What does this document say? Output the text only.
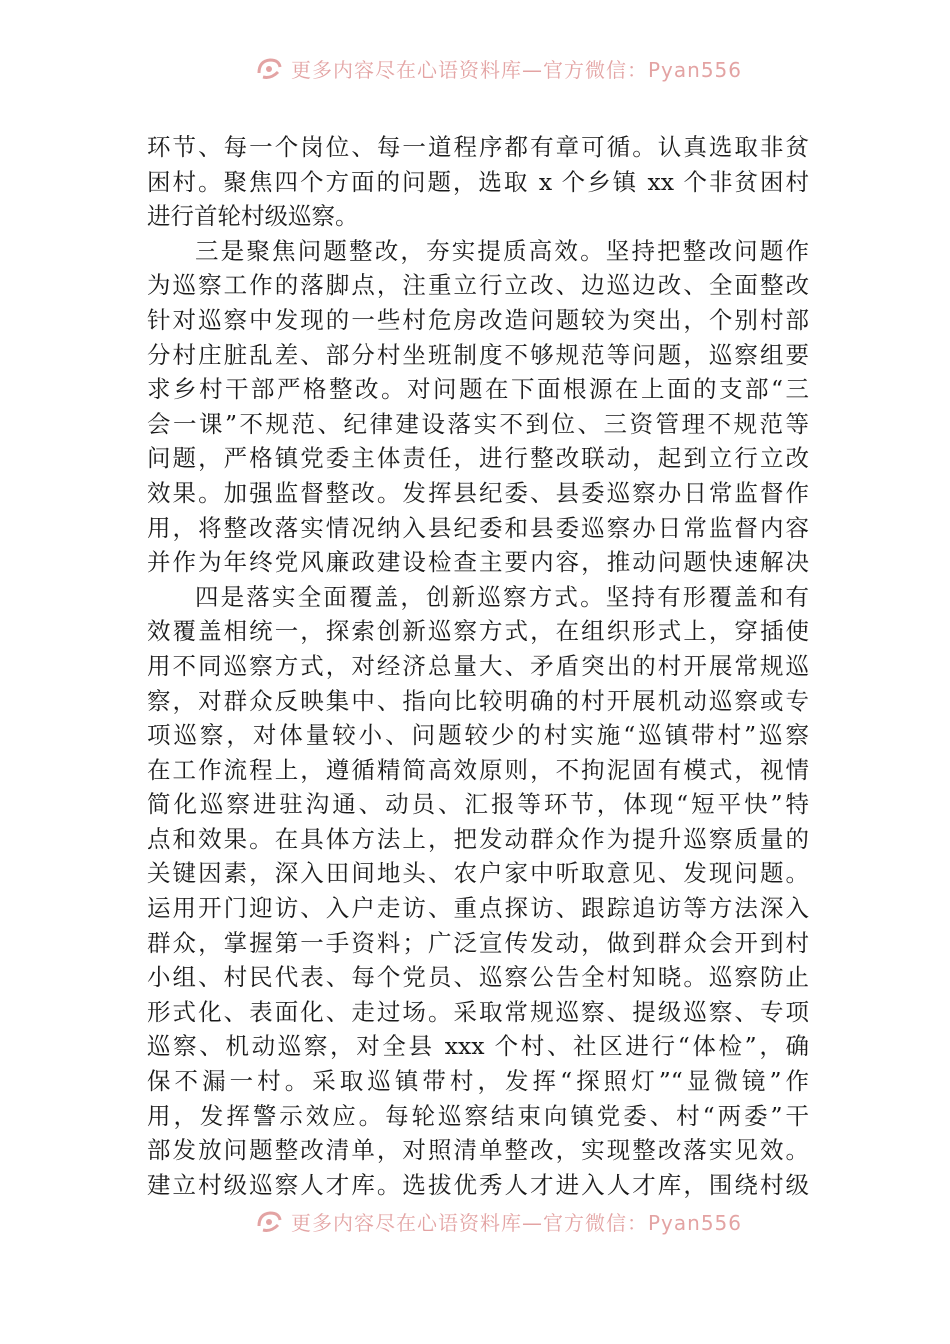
更多内容尽在心语资料库—官方微信：Pyan556
环节、每一个岗位、每一道程序都有章可循。认真选取非贫
困村。聚焦四个方面的问题，选取 x 个乡镇 xx 个非贫困村
进行首轮村级巡察。
三是聚焦问题整改，夯实提质高效。坚持把整改问题作
为巡察工作的落脚点，注重立行立改、边巡边改、全面整改
针对巡察中发现的一些村危房改造问题较为突出，个别村部
分村庄脏乱差、部分村坐班制度不够规范等问题，巡察组要
求乡村干部严格整改。对问题在下面根源在上面的支部“三
会一课”不规范、纪律建设落实不到位、三资管理不规范等
问题，严格镇党委主体责任，进行整改联动，起到立行立改
效果。加强监督整改。发挥县纪委、县委巡察办日常监督作
用，将整改落实情况纳入县纪委和县委巡察办日常监督内容
并作为年终党风廉政建设检查主要内容，推动问题快速解决
四是落实全面覆盖，创新巡察方式。坚持有形覆盖和有
效覆盖相统一，探索创新巡察方式，在组织形式上，穿插使
用不同巡察方式，对经济总量大、矛盾突出的村开展常规巡
察，对群众反映集中、指向比较明确的村开展机动巡察或专
项巡察，对体量较小、问题较少的村实施“巡镇带村”巡察
在工作流程上，遵循精简高效原则，不拘泥固有模式，视情
简化巡察进驻沟通、动员、汇报等环节，体现“短平快”特
点和效果。在具体方法上，把发动群众作为提升巡察质量的
关键因素，深入田间地头、农户家中听取意见、发现问题。
运用开门迎访、入户走访、重点探访、跟踪追访等方法深入
群众，掌握第一手资料；广泛宣传发动，做到群众会开到村
小组、村民代表、每个党员、巡察公告全村知晓。巡察防止
形式化、表面化、走过场。采取常规巡察、提级巡察、专项
巡察、机动巡察，对全县 xxx 个村、社区进行“体检”，确
保不漏一村。采取巡镇带村，发挥“探照灯”“显微镜”作
用，发挥警示效应。每轮巡察结束向镇党委、村“两委”干
部发放问题整改清单，对照清单整改，实现整改落实见效。
建立村级巡察人才库。选拔优秀人才进入人才库，围绕村级
更多内容尽在心语资料库—官方微信：Pyan556
